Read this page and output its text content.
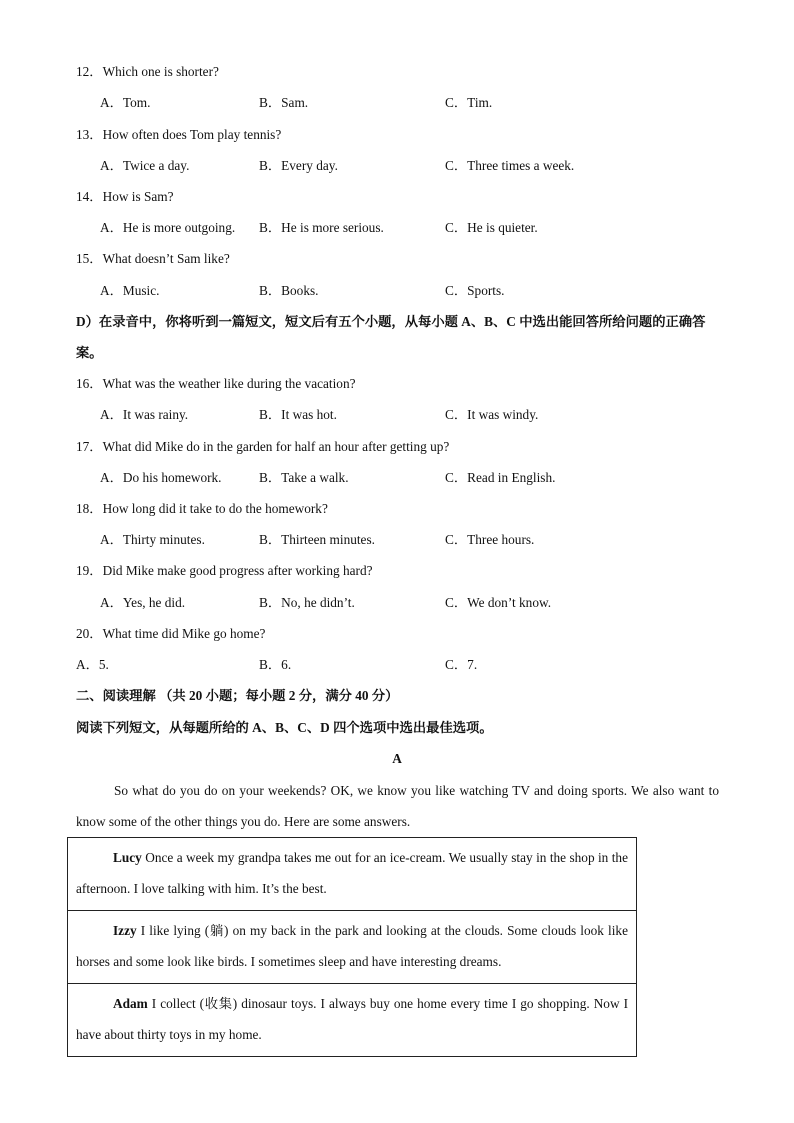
12．Which one is shorter?
A．Tom.	B．Sam.	C．Tim.
13．How often does Tom play tennis?
A．Twice a day.	B．Every day.	C．Three times a week.
14．How is Sam?
A．He is more outgoing. B．He is more serious.	C．He is quieter.
15．What doesn’t Sam like?
A．Music.	B．Books.	C．Sports.
D）在录音中，你将听到一篇短文，短文后有五个小题，从每小题 A、B、C 中选出能回答所给问题的正确答案。
16．What was the weather like during the vacation?
A．It was rainy.	B．It was hot.	C．It was windy.
17．What did Mike do in the garden for half an hour after getting up?
A．Do his homework.	B．Take a walk.	C．Read in English.
18．How long did it take to do the homework?
A．Thirty minutes.	B．Thirteen minutes.	C．Three hours.
19．Did Mike make good progress after working hard?
A．Yes, he did.	B．No, he didn’t.	C．We don’t know.
20．What time did Mike go home?
A．5.	B．6.	C．7.
二、阅读理解 （共 20 小题；每小题 2 分，满分 40 分）
阅读下列短文，从每题所给的 A、B、C、D 四个选项中选出最佳选项。
A
So what do you do on your weekends? OK, we know you like watching TV and doing sports. We also want to know some of the other things you do. Here are some answers.
Lucy Once a week my grandpa takes me out for an ice-cream. We usually stay in the shop in the afternoon. I love talking with him. It’s the best.
Izzy I like lying (躺) on my back in the park and looking at the clouds. Some clouds look like horses and some look like birds. I sometimes sleep and have interesting dreams.
Adam I collect (收集) dinosaur toys. I always buy one home every time I go shopping. Now I have about thirty toys in my home.
